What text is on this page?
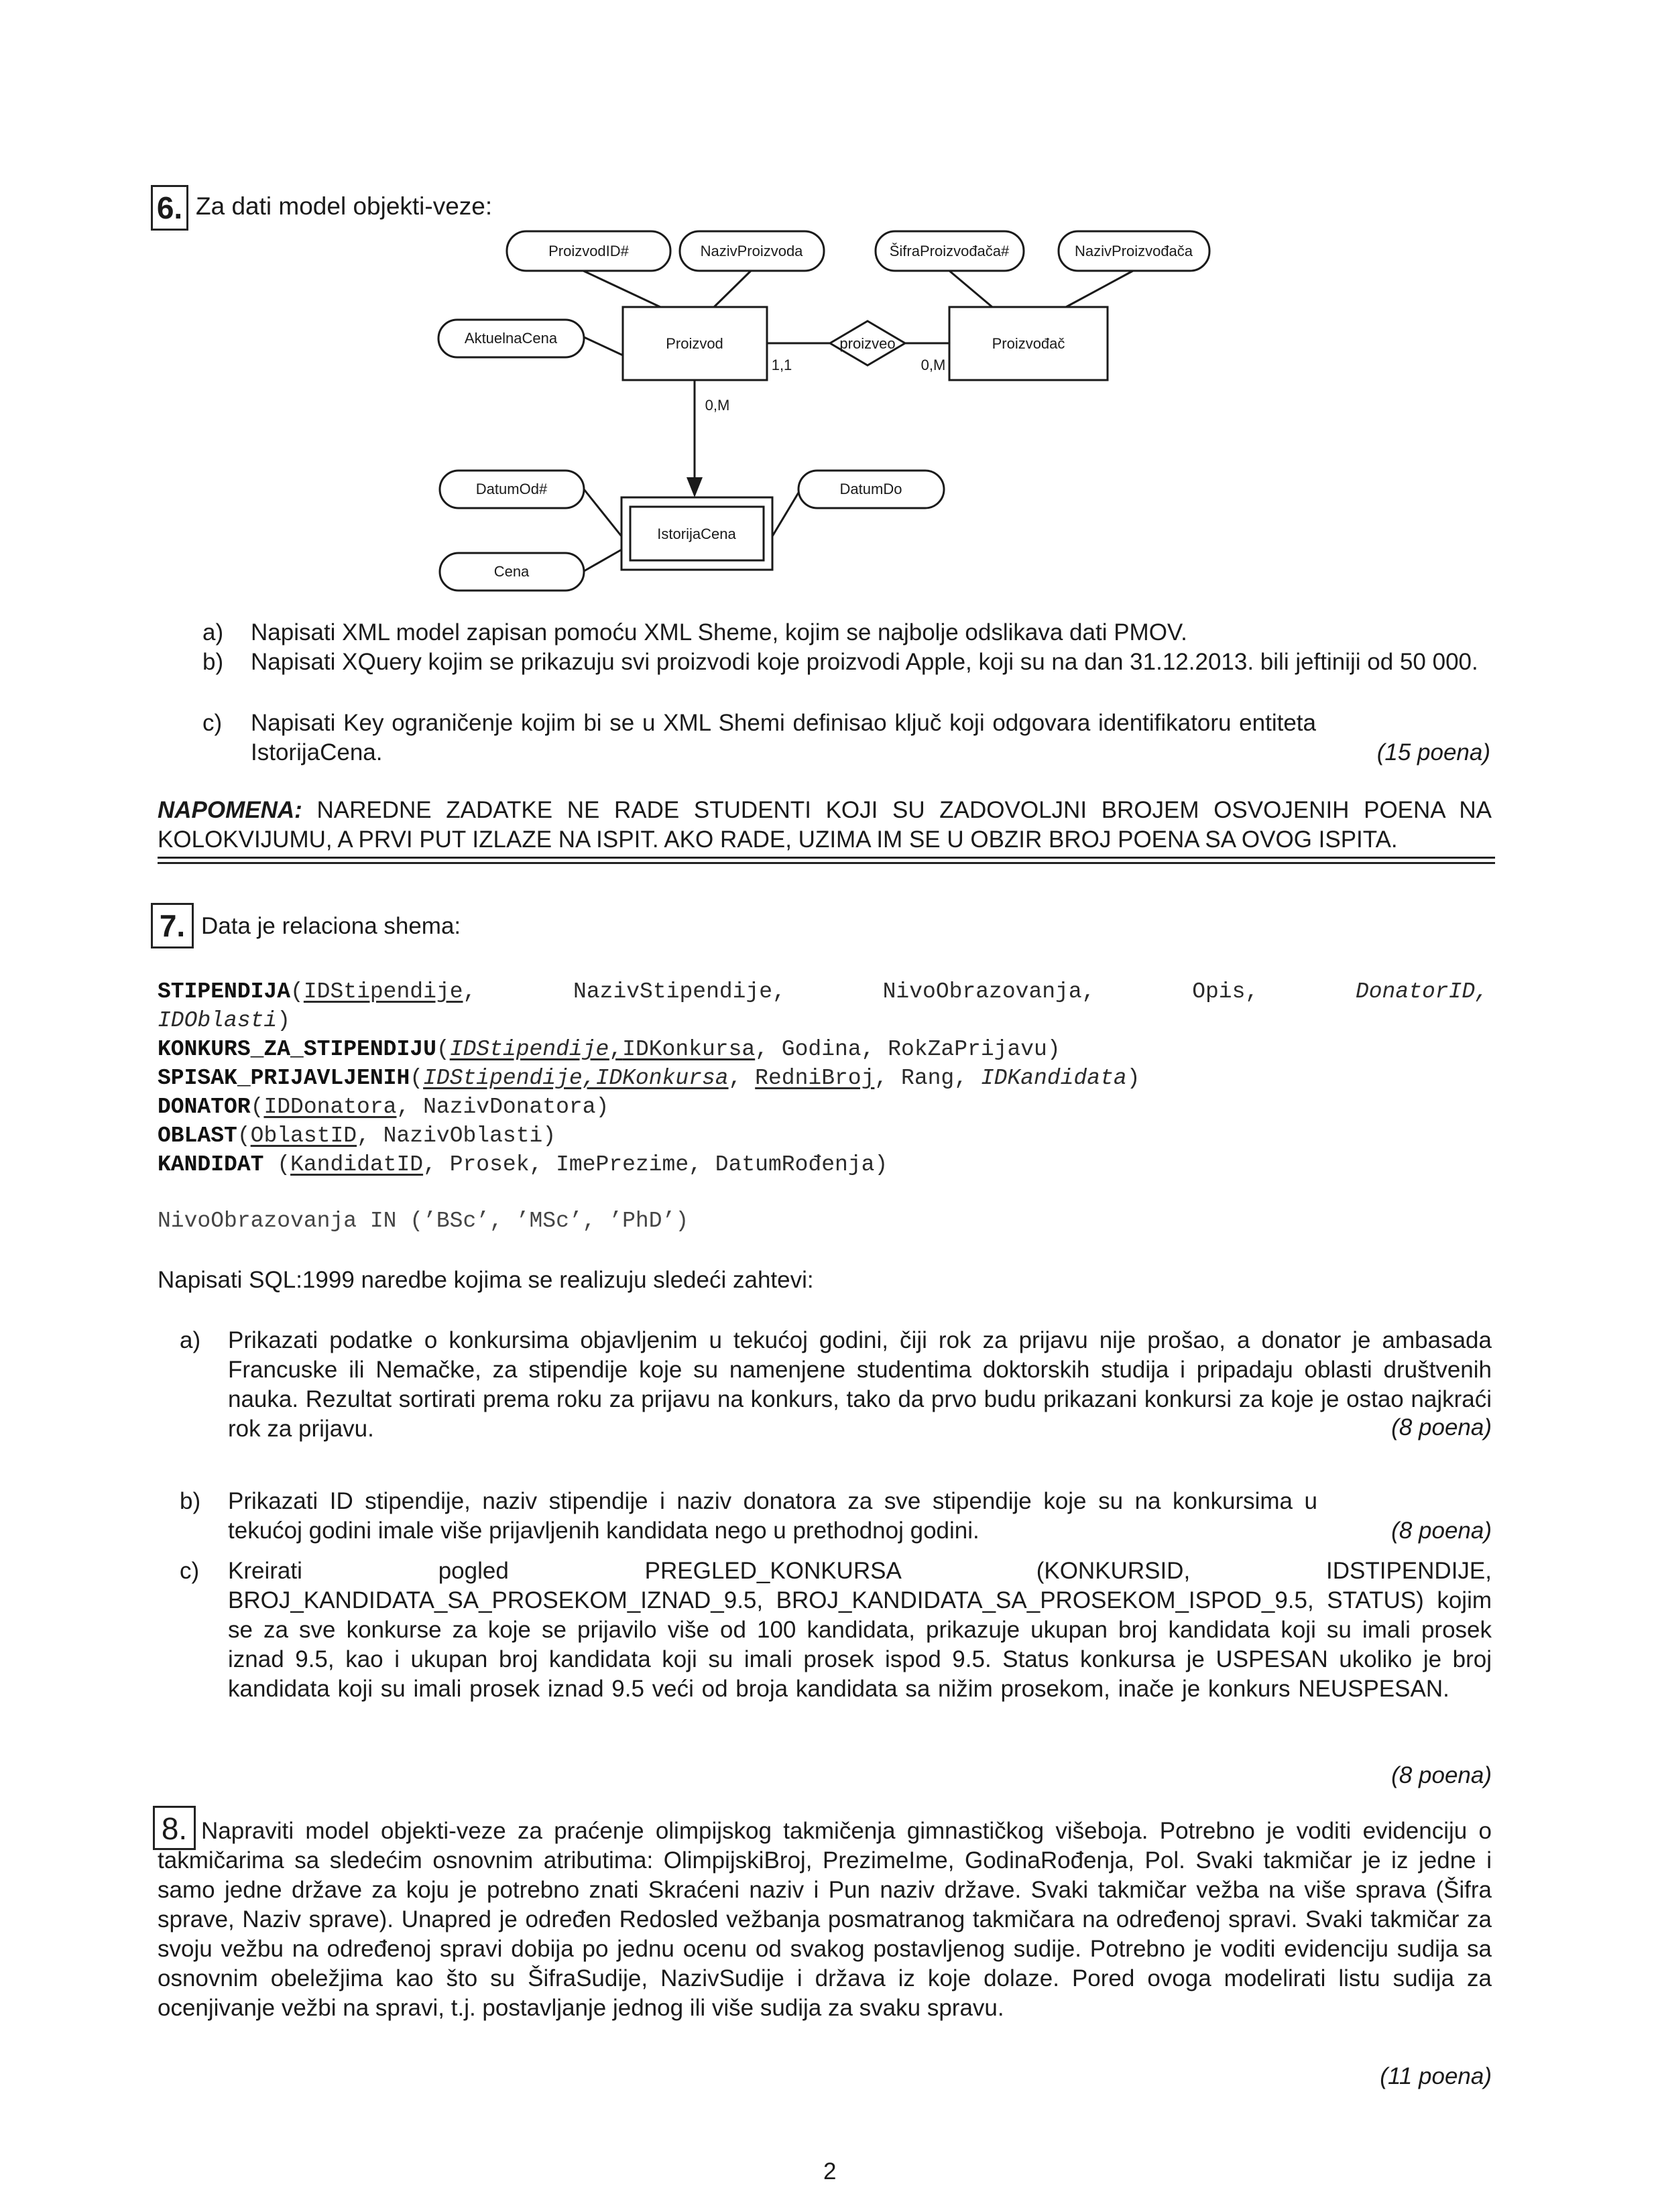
6. Za dati model objekti-veze:
ProizvodID#	NazivProizvoda	ŠifraProizvođača#	NazivProizvođača
AktuelnaCena	Proizvod	proizveo	Proizvođač
DatumOd#
Cena
IstorijaCena
DatumDo
1,1	0,M
0,M
a) Napisati XML model zapisan pomoću XML Sheme, kojim se najbolje odslikava dati PMOV.
b) Napisati XQuery kojim se prikazuju svi proizvodi koje proizvodi Apple, koji su na dan 31.12.2013. bili jeftiniji od 50 000.
c) Napisati Key ograničenje kojim bi se u XML Shemi definisao ključ koji odgovara identifikatoru entiteta IstorijaCena.	(15 poena)
NAPOMENA: NAREDNE ZADATKE NE RADE STUDENTI KOJI SU ZADOVOLJNI BROJEM OSVOJENIH POENA NA KOLOKVIJUMU, A PRVI PUT IZLAZE NA ISPIT. AKO RADE, UZIMA IM SE U OBZIR BROJ POENA SA OVOG ISPITA.
7. Data je relaciona shema:
STIPENDIJA(IDStipendije,	NazivStipendije,	NivoObrazovanja,	Opis,	DonatorID,
IDOblasti)
KONKURS_ZA_STIPENDIJU(IDStipendije,IDKonkursa, Godina, RokZaPrijavu)
SPISAK_PRIJAVLJENIH(IDStipendije,IDKonkursa, RedniBroj, Rang, IDKandidata)
DONATOR(IDDonatora, NazivDonatora)
OBLAST(OblastID, NazivOblasti)
KANDIDAT (KandidatID, Prosek, ImePrezime, DatumRođenja)
NivoObrazovanja IN (’BSc’, ’MSc’, ’PhD’)
Napisati SQL:1999 naredbe kojima se realizuju sledeći zahtevi:
a) Prikazati podatke o konkursima objavljenim u tekućoj godini, čiji rok za prijavu nije prošao, a donator je ambasada Francuske ili Nemačke, za stipendije koje su namenjene studentima doktorskih studija i pripadaju oblasti društvenih nauka. Rezultat sortirati prema roku za prijavu na konkurs, tako da prvo budu prikazani konkursi za koje je ostao najkraći rok za prijavu.	(8 poena)
b) Prikazati ID stipendije, naziv stipendije i naziv donatora za sve stipendije koje su na konkursima u tekućoj godini imale više prijavljenih kandidata nego u prethodnoj godini.	(8 poena)
c) Kreirati pogled PREGLED_KONKURSA (KONKURSID, IDSTIPENDIJE, BROJ_KANDIDATA_SA_PROSEKOM_IZNAD_9.5, BROJ_KANDIDATA_SA_PROSEKOM_ISPOD_9.5, STATUS) kojim se za sve konkurse za koje se prijavilo više od 100 kandidata, prikazuje ukupan broj kandidata koji su imali prosek iznad 9.5, kao i ukupan broj kandidata koji su imali prosek ispod 9.5. Status konkursa je USPESAN ukoliko je broj kandidata koji su imali prosek iznad 9.5 veći od broja kandidata sa nižim prosekom, inače je konkurs NEUSPESAN.
(8 poena)
8. Napraviti model objekti-veze za praćenje olimpijskog takmičenja gimnastičkog višeboja. Potrebno je voditi evidenciju o takmičarima sa sledećim osnovnim atributima: OlimpijskiBroj, PrezimeIme, GodinaRođenja, Pol. Svaki takmičar je iz jedne i samo jedne države za koju je potrebno znati Skraćeni naziv i Pun naziv države. Svaki takmičar vežba na više sprava (Šifra sprave, Naziv sprave). Unapred je određen Redosled vežbanja posmatranog takmičara na određenoj spravi. Svaki takmičar za svoju vežbu na određenoj spravi dobija po jednu ocenu od svakog postavljenog sudije. Potrebno je voditi evidenciju sudija sa osnovnim obeležjima kao što su ŠifraSudije, NazivSudije i država iz koje dolaze. Pored ovoga modelirati listu sudija za ocenjivanje vežbi na spravi, t.j. postavljanje jednog ili više sudija za svaku spravu.
(11 poena)
2
